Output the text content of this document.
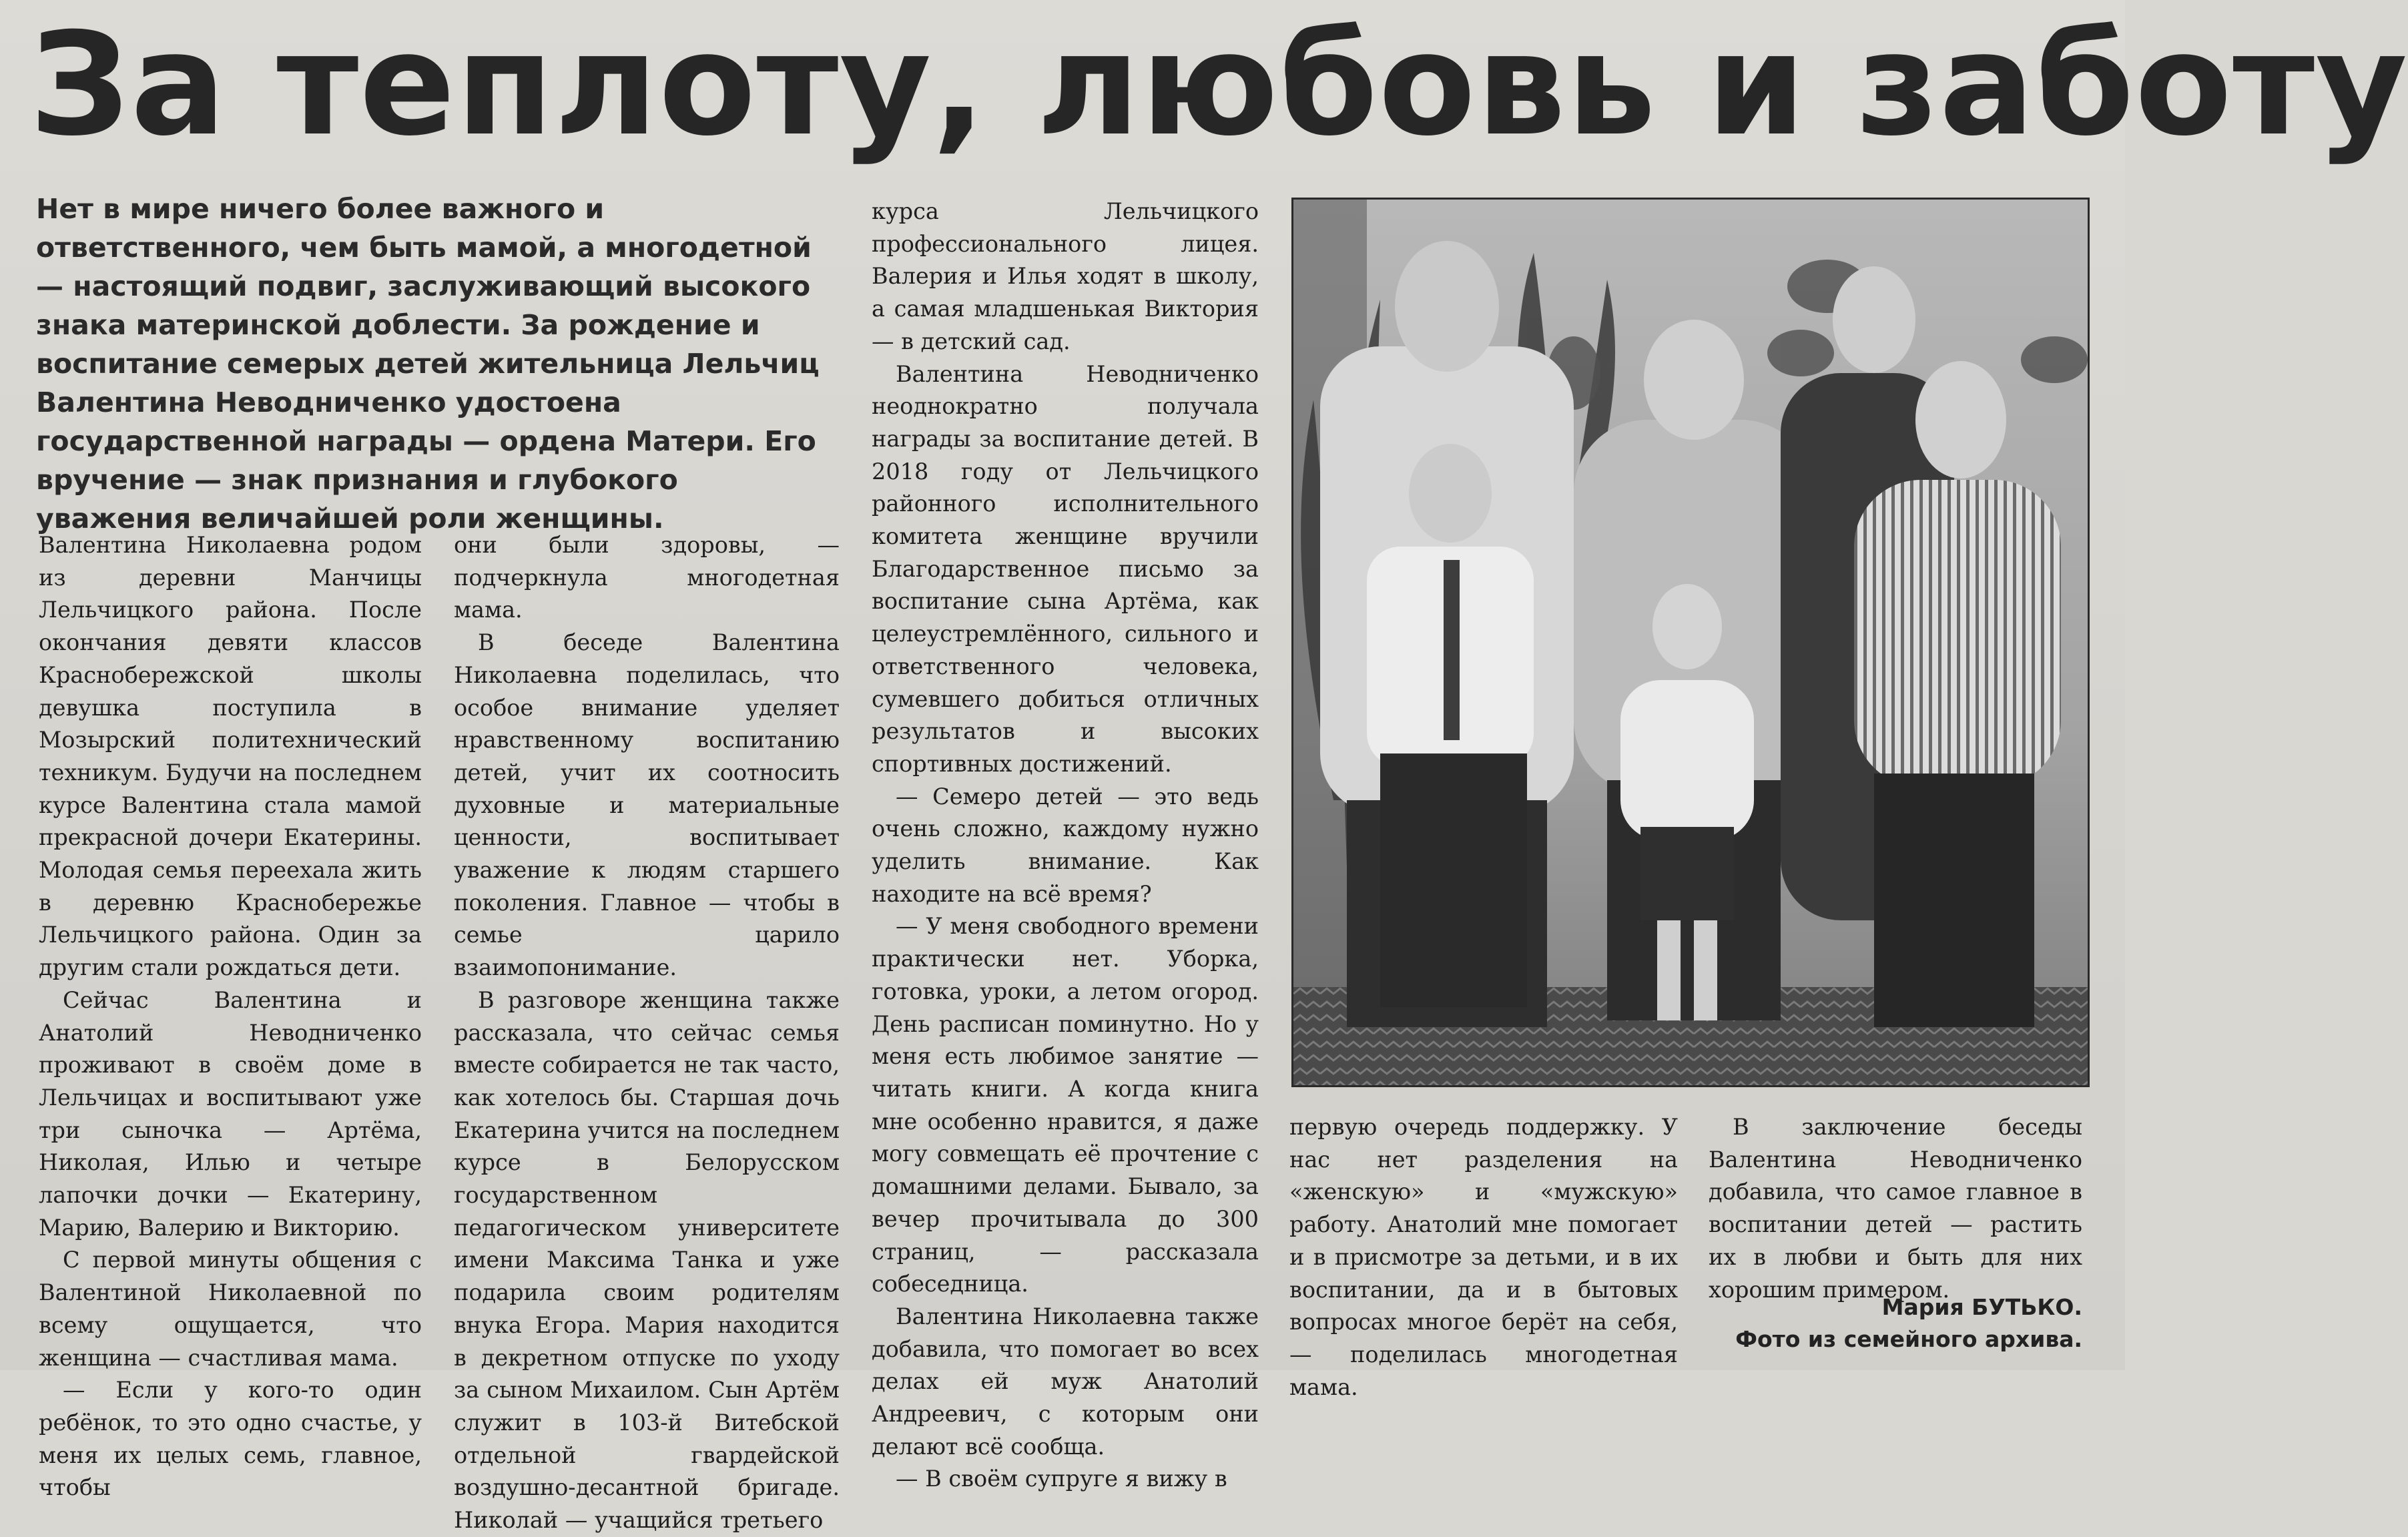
За теплоту, любовь и заботу
Нет в мире ничего более важного и ответственного, чем быть мамой, а многодетной — настоящий подвиг, заслуживающий высокого знака материнской доблести. За рождение и воспитание семерых детей жительница Лельчиц Валентина Неводниченко удостоена государственной награды — ордена Матери. Его вручение — знак признания и глубокого уважения величайшей роли женщины.

Валентина Николаевна родом из деревни Манчицы Лельчицкого района. После окончания девяти классов Краснобережской школы девушка поступила в Мозырский политехнический техникум. Будучи на последнем курсе Валентина стала мамой прекрасной дочери Екатерины. Молодая семья переехала жить в деревню Краснобережье Лельчицкого района. Один за другим стали рождаться дети.

Сейчас Валентина и Анатолий Неводниченко проживают в своём доме в Лельчицах и воспитывают уже три сыночка — Артёма, Николая, Илью и четыре лапочки дочки — Екатерину, Марию, Валерию и Викторию.

С первой минуты общения с Валентиной Николаевной по всему ощущается, что женщина — счастливая мама.

— Если у кого-то один ребёнок, то это одно счастье, у меня их целых семь, главное, чтобы

они были здоровы, — подчеркнула многодетная мама.

В беседе Валентина Николаевна поделилась, что особое внимание уделяет нравственному воспитанию детей, учит их соотносить духовные и материальные ценности, воспитывает уважение к людям старшего поколения. Главное — чтобы в семье царило взаимопонимание.

В разговоре женщина также рассказала, что сейчас семья вместе собирается не так часто, как хотелось бы. Старшая дочь Екатерина учится на последнем курсе в Белорусском государственном педагогическом университете имени Максима Танка и уже подарила своим родителям внука Егора. Мария находится в декретном отпуске по уходу за сыном Михаилом. Сын Артём служит в 103-й Витебской отдельной гвардейской воздушно-десантной бригаде. Николай — учащийся третьего

курса Лельчицкого профессионального лицея. Валерия и Илья ходят в школу, а самая младшенькая Виктория— в детский сад.

Валентина Неводниченко неоднократно получала награды за воспитание детей. В 2018 году от Лельчицкого районного исполнительного комитета женщине вручили Благодарственное письмо за воспитание сына Артёма, как целеустремлённого, сильного и ответственного человека, сумевшего добиться отличных результатов и высоких спортивных достижений.

— Семеро детей — это ведь очень сложно, каждому нужно уделить внимание. Как находите на всё время?

— У меня свободного времени практически нет. Уборка, готовка, уроки, а летом огород. День расписан поминутно. Но у меня есть любимое занятие — читать книги. А когда книга мне особенно нравится, я даже могу совмещать её прочтение с домашними делами. Бывало, за вечер прочитывала до 300 страниц, — рассказала собеседница.

Валентина Николаевна также добавила, что помогает во всех делах ей муж Анатолий Андреевич, с которым они делают всё сообща.

— В своём супруге я вижу в

первую очередь поддержку. У нас нет разделения на «женскую» и «мужскую» работу. Анатолий мне помогает и в присмотре за детьми, и в их воспитании, да и в бытовых вопросах многое берёт на себя, — поделилась многодетная мама.

В заключение беседы Валентина Неводниченко добавила, что самое главное в воспитании детей — растить их в любви и быть для них хорошим примером.

Мария БУТЬКО.
Фото из семейного архива.
